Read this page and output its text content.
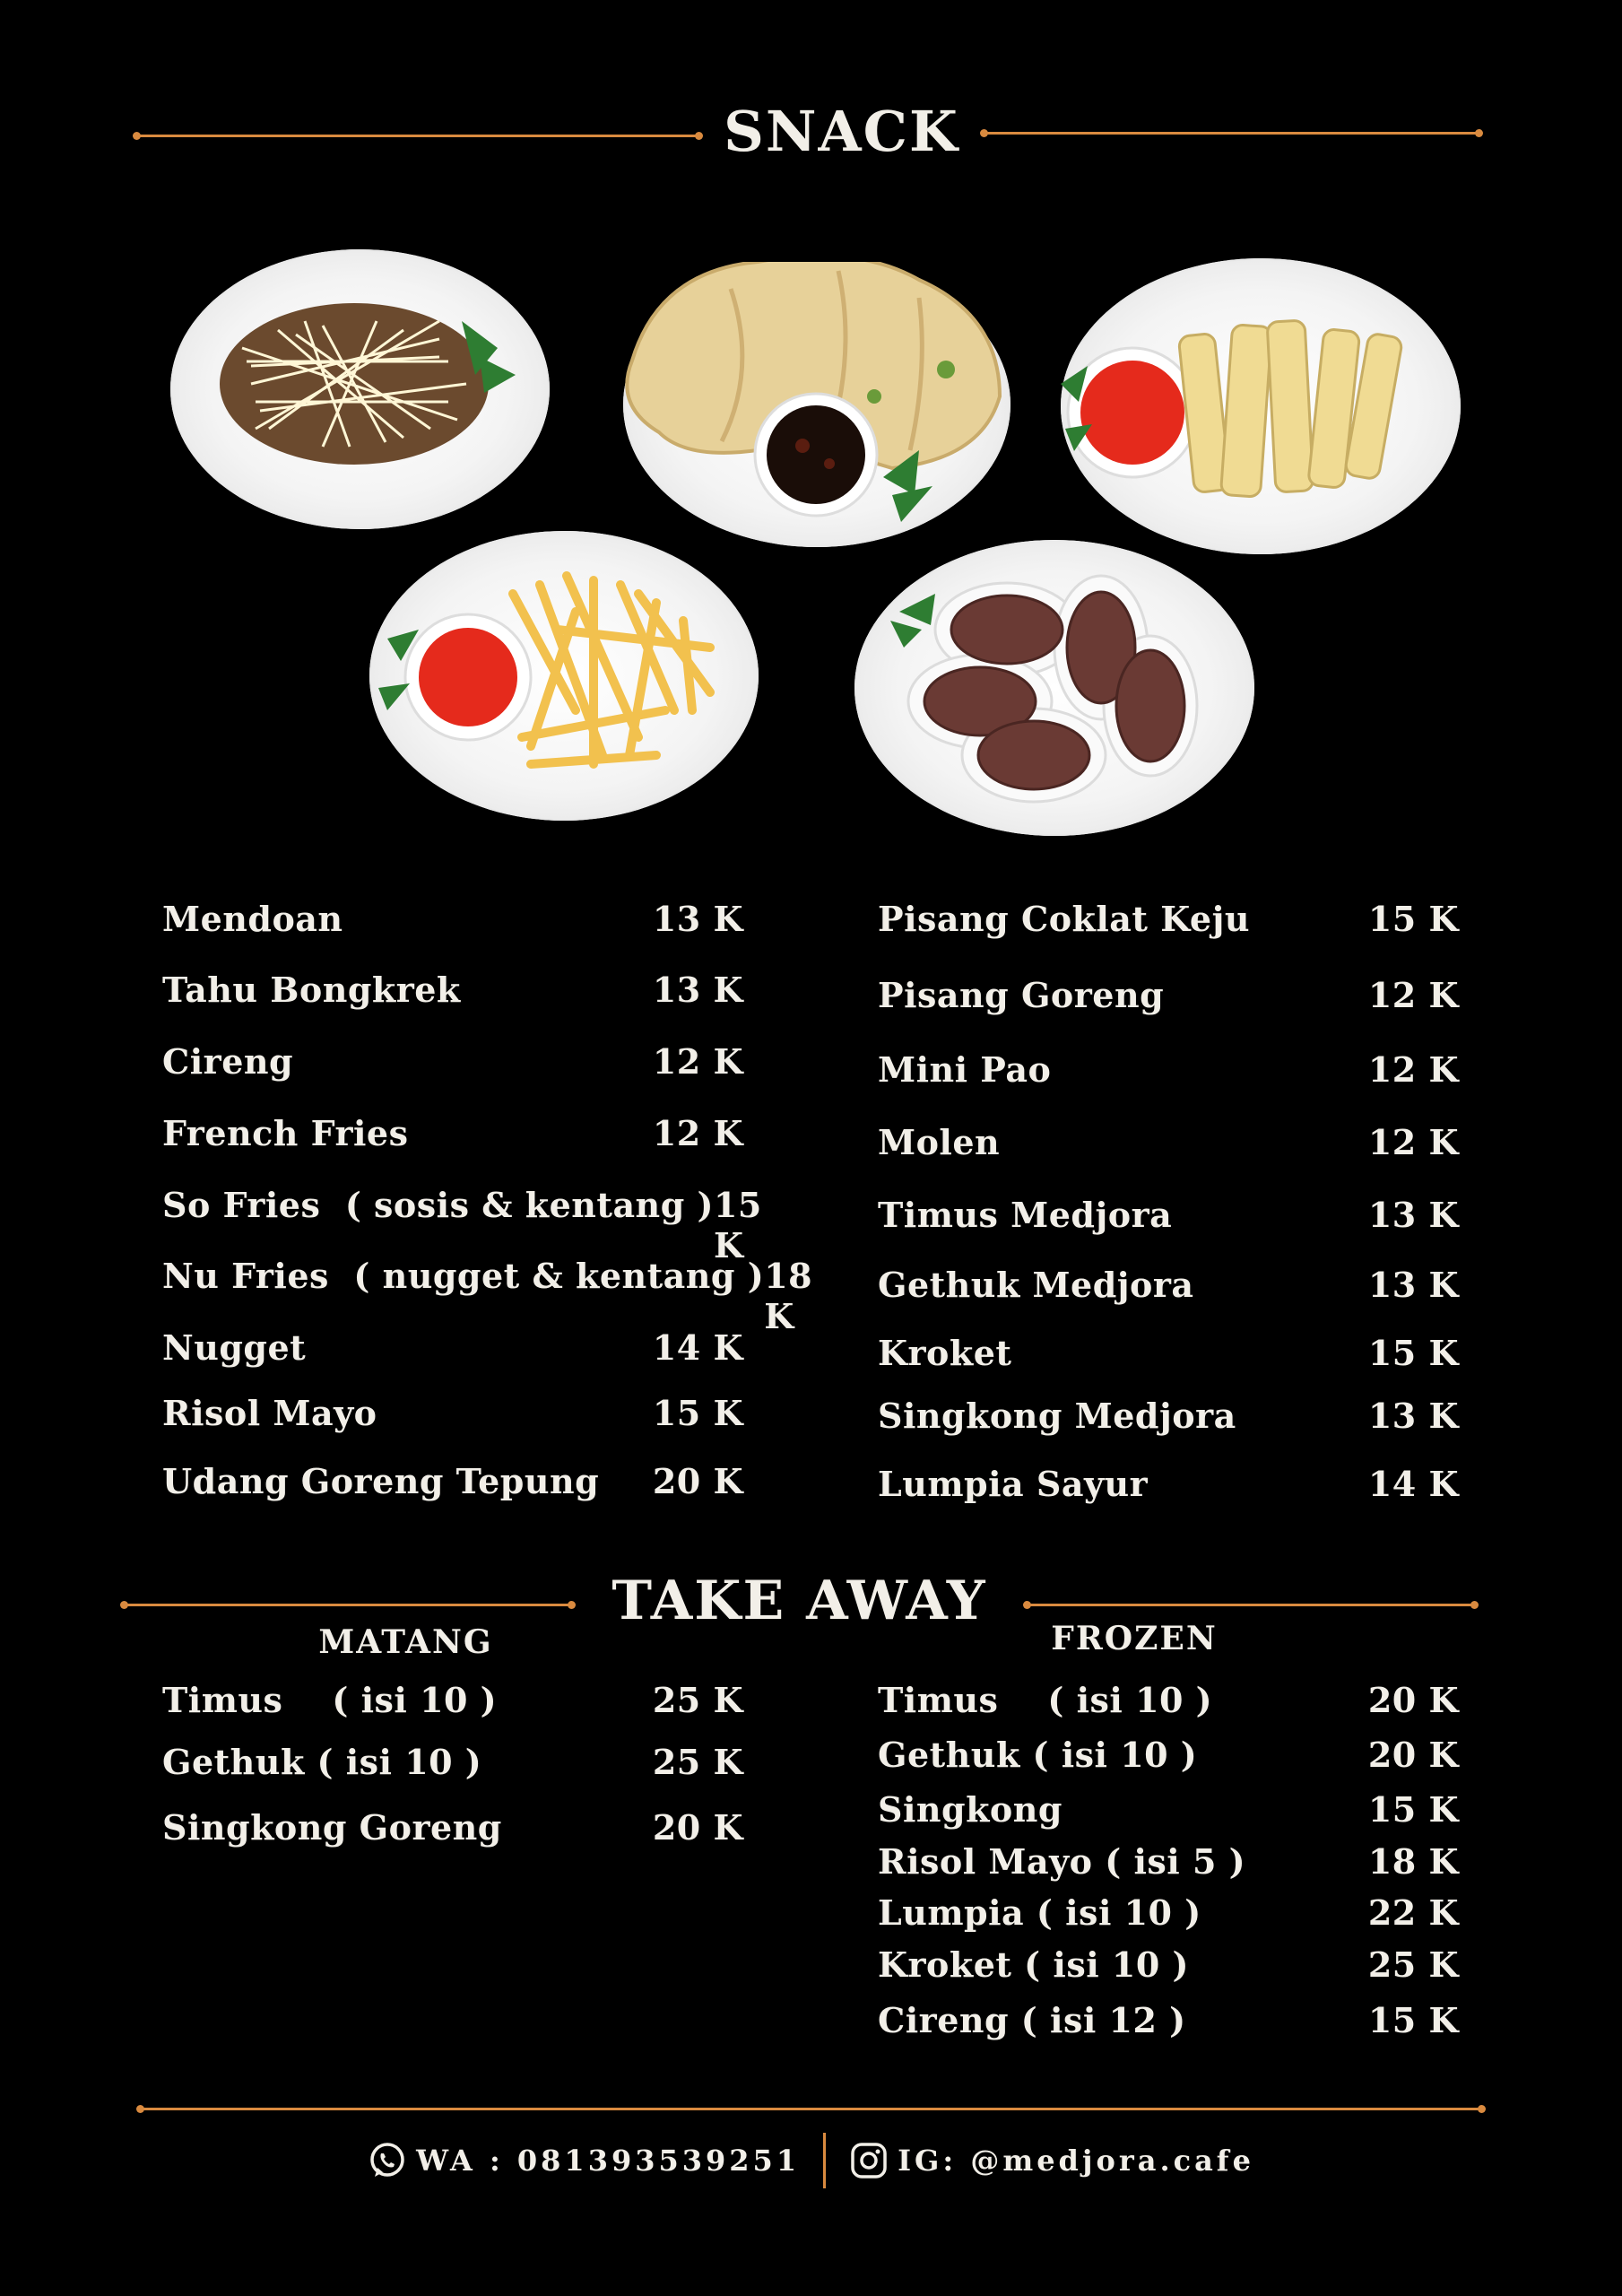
SNACK
Mendoan	13 K
Tahu Bongkrek	13 K
Cireng	12 K
French Fries	12 K
So Fries  ( sosis & kentang ) 15 K
Nu Fries  ( nugget & kentang ) 18 K
Nugget	14 K
Risol Mayo	15 K
Udang Goreng Tepung 20 K
Pisang Coklat Keju	15 K
Pisang Goreng	12 K
Mini Pao	12 K
Molen	12 K
Timus Medjora	13 K
Gethuk Medjora	13 K
Kroket	15 K
Singkong Medjora	13 K
Lumpia Sayur	14 K
TAKE AWAY
MATANG	FROZEN
Timus    ( isi 10 )	25 K
Gethuk ( isi 10 )	25 K
Singkong Goreng	20 K
Timus    ( isi 10 )	20 K
Gethuk ( isi 10 )	20 K
Singkong	15 K
Risol Mayo ( isi 5 )	18 K
Lumpia ( isi 10 )	22 K
Kroket ( isi 10 )	25 K
Cireng ( isi 12 )	15 K
WA : 081393539251	IG: @medjora.cafe
